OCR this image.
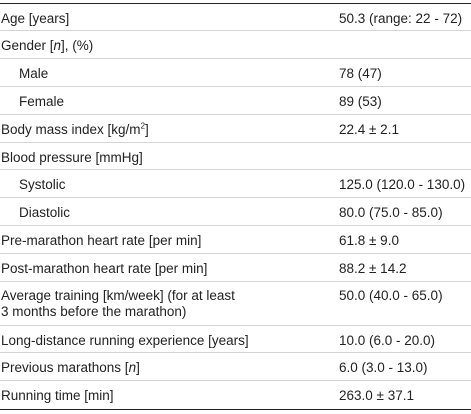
Age [years]	50.3 (range: 22 - 72)
Gender [n], (%)
Male	78 (47)
Female	89 (53)
Body mass index $[kg/m^2]$	22.4 ± 2.1
Blood pressure [mmHg]
Systolic	125.0 (120.0 - 130.0)
Diastolic	80.0 (75.0 - 85.0)
Pre-marathon heart rate [per min]	61.8 ± 9.0
Post-marathon heart rate [per min]	88.2 ± 14.2
Average training [km/week] (for at least
3 months before the marathon)
50.0 (40.0 - 65.0)
Long-distance running experience [years]	10.0 (6.0 - 20.0)
Previous marathons [n]	6.0 (3.0 - 13.0)
Running time [min]	263.0 ± 37.1
